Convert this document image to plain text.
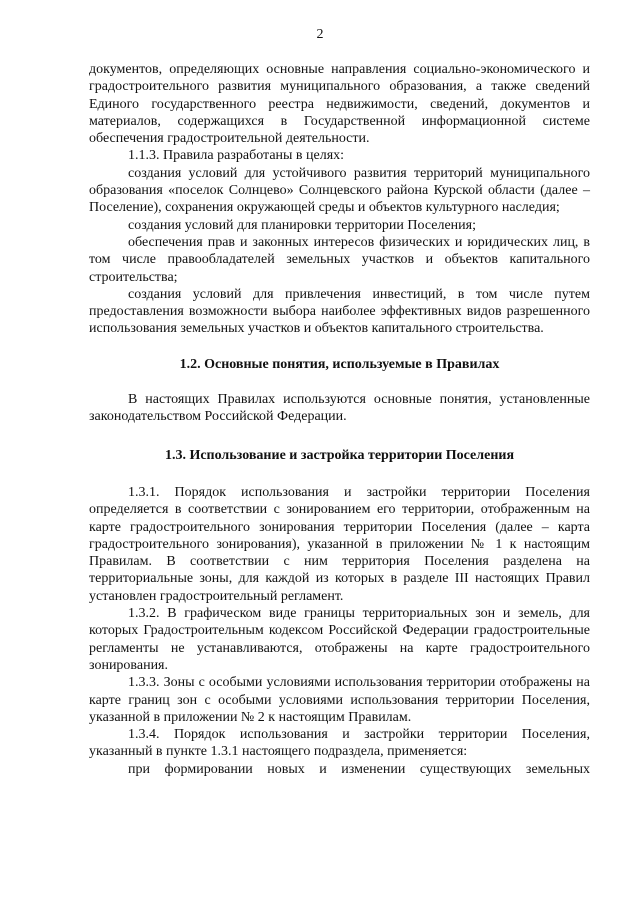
2

документов, определяющих основные направления социально-экономического и градостроительного развития муниципального образования, а также сведений Единого государственного реестра недвижимости, сведений, документов и материалов, содержащихся в Государственной информационной системе обеспечения градостроительной деятельности.

1.1.3. Правила разработаны в целях:

создания условий для устойчивого развития территорий муниципального образования «поселок Солнцево» Солнцевского района Курской области (далее – Поселение), сохранения окружающей среды и объектов культурного наследия;

создания условий для планировки территории Поселения;

обеспечения прав и законных интересов физических и юридических лиц, в том числе правообладателей земельных участков и объектов капитального строительства;

создания условий для привлечения инвестиций, в том числе путем предоставления возможности выбора наиболее эффективных видов разрешенного использования земельных участков и объектов капитального строительства.

1.2. Основные понятия, используемые в Правилах

В настоящих Правилах используются основные понятия, установленные законодательством Российской Федерации.

1.3. Использование и застройка территории Поселения

1.3.1. Порядок использования и застройки территории Поселения определяется в соответствии с зонированием его территории, отображенным на карте градостроительного зонирования территории Поселения (далее – карта градостроительного зонирования), указанной в приложении № 1 к настоящим Правилам. В соответствии с ним территория Поселения разделена на территориальные зоны, для каждой из которых в разделе III настоящих Правил установлен градостроительный регламент.

1.3.2. В графическом виде границы территориальных зон и земель, для которых Градостроительным кодексом Российской Федерации градостроительные регламенты не устанавливаются, отображены на карте градостроительного зонирования.

1.3.3. Зоны с особыми условиями использования территории отображены на карте границ зон с особыми условиями использования территории Поселения, указанной в приложении № 2 к настоящим Правилам.

1.3.4. Порядок использования и застройки территории Поселения, указанный в пункте 1.3.1 настоящего подраздела, применяется:

при формировании новых и изменении существующих земельных
